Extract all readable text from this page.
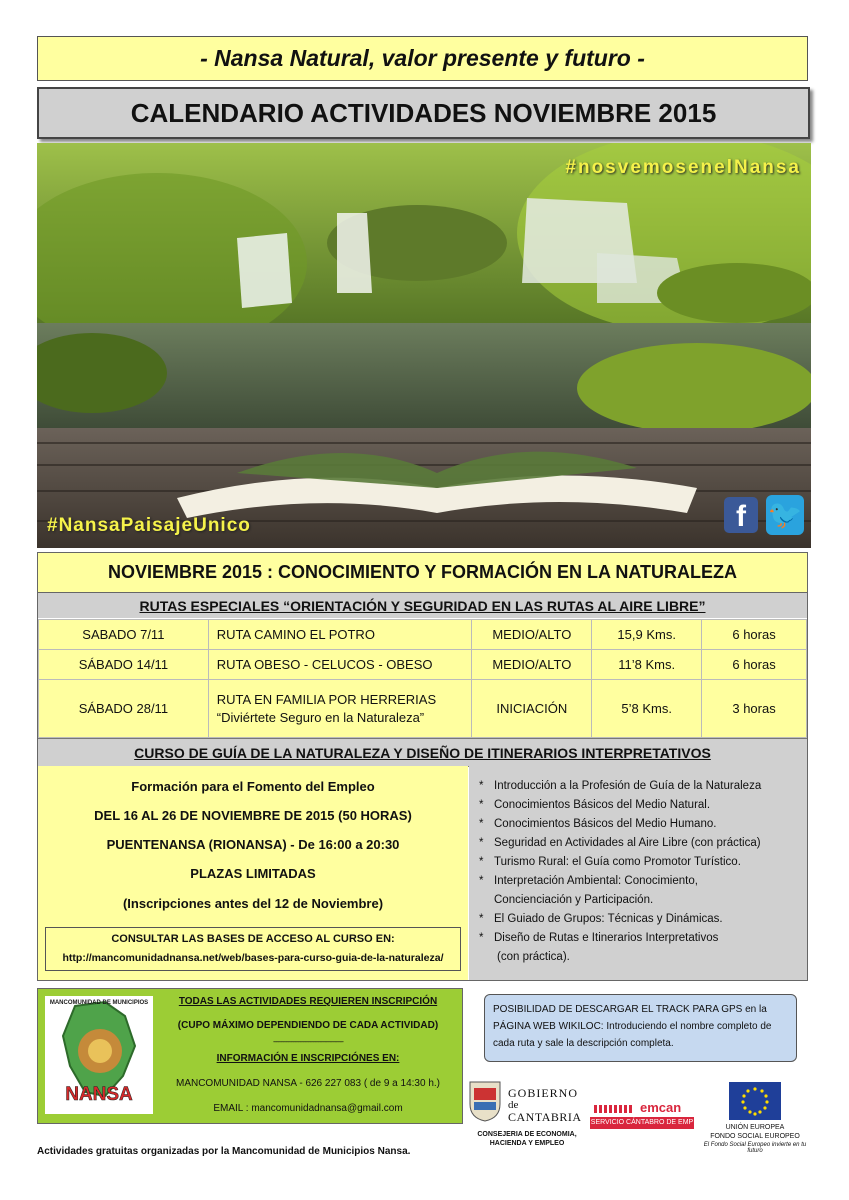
- Nansa Natural, valor presente y futuro -
CALENDARIO ACTIVIDADES NOVIEMBRE 2015
#nosvemosenelNansa
#NansaPaisajeUnico	f 🐦
NOVIEMBRE 2015 : CONOCIMIENTO Y FORMACIÓN EN LA NATURALEZA
RUTAS ESPECIALES “ORIENTACIÓN Y SEGURIDAD EN LAS RUTAS AL AIRE LIBRE”
SABADO 7/11	RUTA CAMINO EL POTRO	MEDIO/ALTO	15,9 Kms.	6 horas
SÁBADO 14/11	RUTA OBESO - CELUCOS - OBESO	MEDIO/ALTO	11’8 Kms.	6 horas
SÁBADO 28/11	RUTA EN FAMILIA POR HERRERIAS
“Diviértete Seguro en la Naturaleza”	INICIACIÓN	5’8 Kms.	3 horas
CURSO DE GUÍA DE LA NATURALEZA Y DISEÑO DE ITINERARIOS INTERPRETATIVOS
Formación para el Fomento del Empleo
DEL 16 AL 26 DE NOVIEMBRE DE 2015 (50 HORAS)
PUENTENANSA (RIONANSA) - De 16:00 a 20:30
PLAZAS LIMITADAS
(Inscripciones antes del 12 de Noviembre)
CONSULTAR LAS BASES DE ACCESO AL CURSO EN:
http://mancomunidadnansa.net/web/bases-para-curso-guia-de-la-naturaleza/
* Introducción a la Profesión de Guía de la Naturaleza
* Conocimientos Básicos del Medio Natural.
* Conocimientos Básicos del Medio Humano.
* Seguridad en Actividades al Aire Libre (con práctica)
* Turismo Rural: el Guía como Promotor Turístico.
* Interpretación Ambiental: Conocimiento,
Concienciación y Participación.
* El Guiado de Grupos: Técnicas y Dinámicas.
* Diseño de Rutas e Itinerarios Interpretativos
(con práctica).
NANSA
MANCOMUNIDAD DE MUNICIPIOS	TODAS LAS ACTIVIDADES REQUIEREN INSCRIPCIÓN
(CUPO MÁXIMO DEPENDIENDO DE CADA ACTIVIDAD)
------------------------------------------
INFORMACIÓN E INSCRIPCIÓNES EN:
MANCOMUNIDAD NANSA - 626 227 083 ( de 9 a 14:30 h.)
EMAIL : mancomunidadnansa@gmail.com
POSIBILIDAD DE DESCARGAR EL TRACK PARA GPS en la PÁGINA WEB WIKILOC: Introduciendo el nombre completo de cada ruta y sale la descripción completa.
GOBIERNO
de
CANTABRIA
CONSEJERIA DE ECONOMIA,
HACIENDA Y EMPLEO
emcan
SERVICIO CÁNTABRO DE EMP
UNIÓN EUROPEA
FONDO SOCIAL EUROPEO
El Fondo Social Europeo invierte en tu futuro
Actividades gratuitas organizadas por la Mancomunidad de Municipios Nansa.
